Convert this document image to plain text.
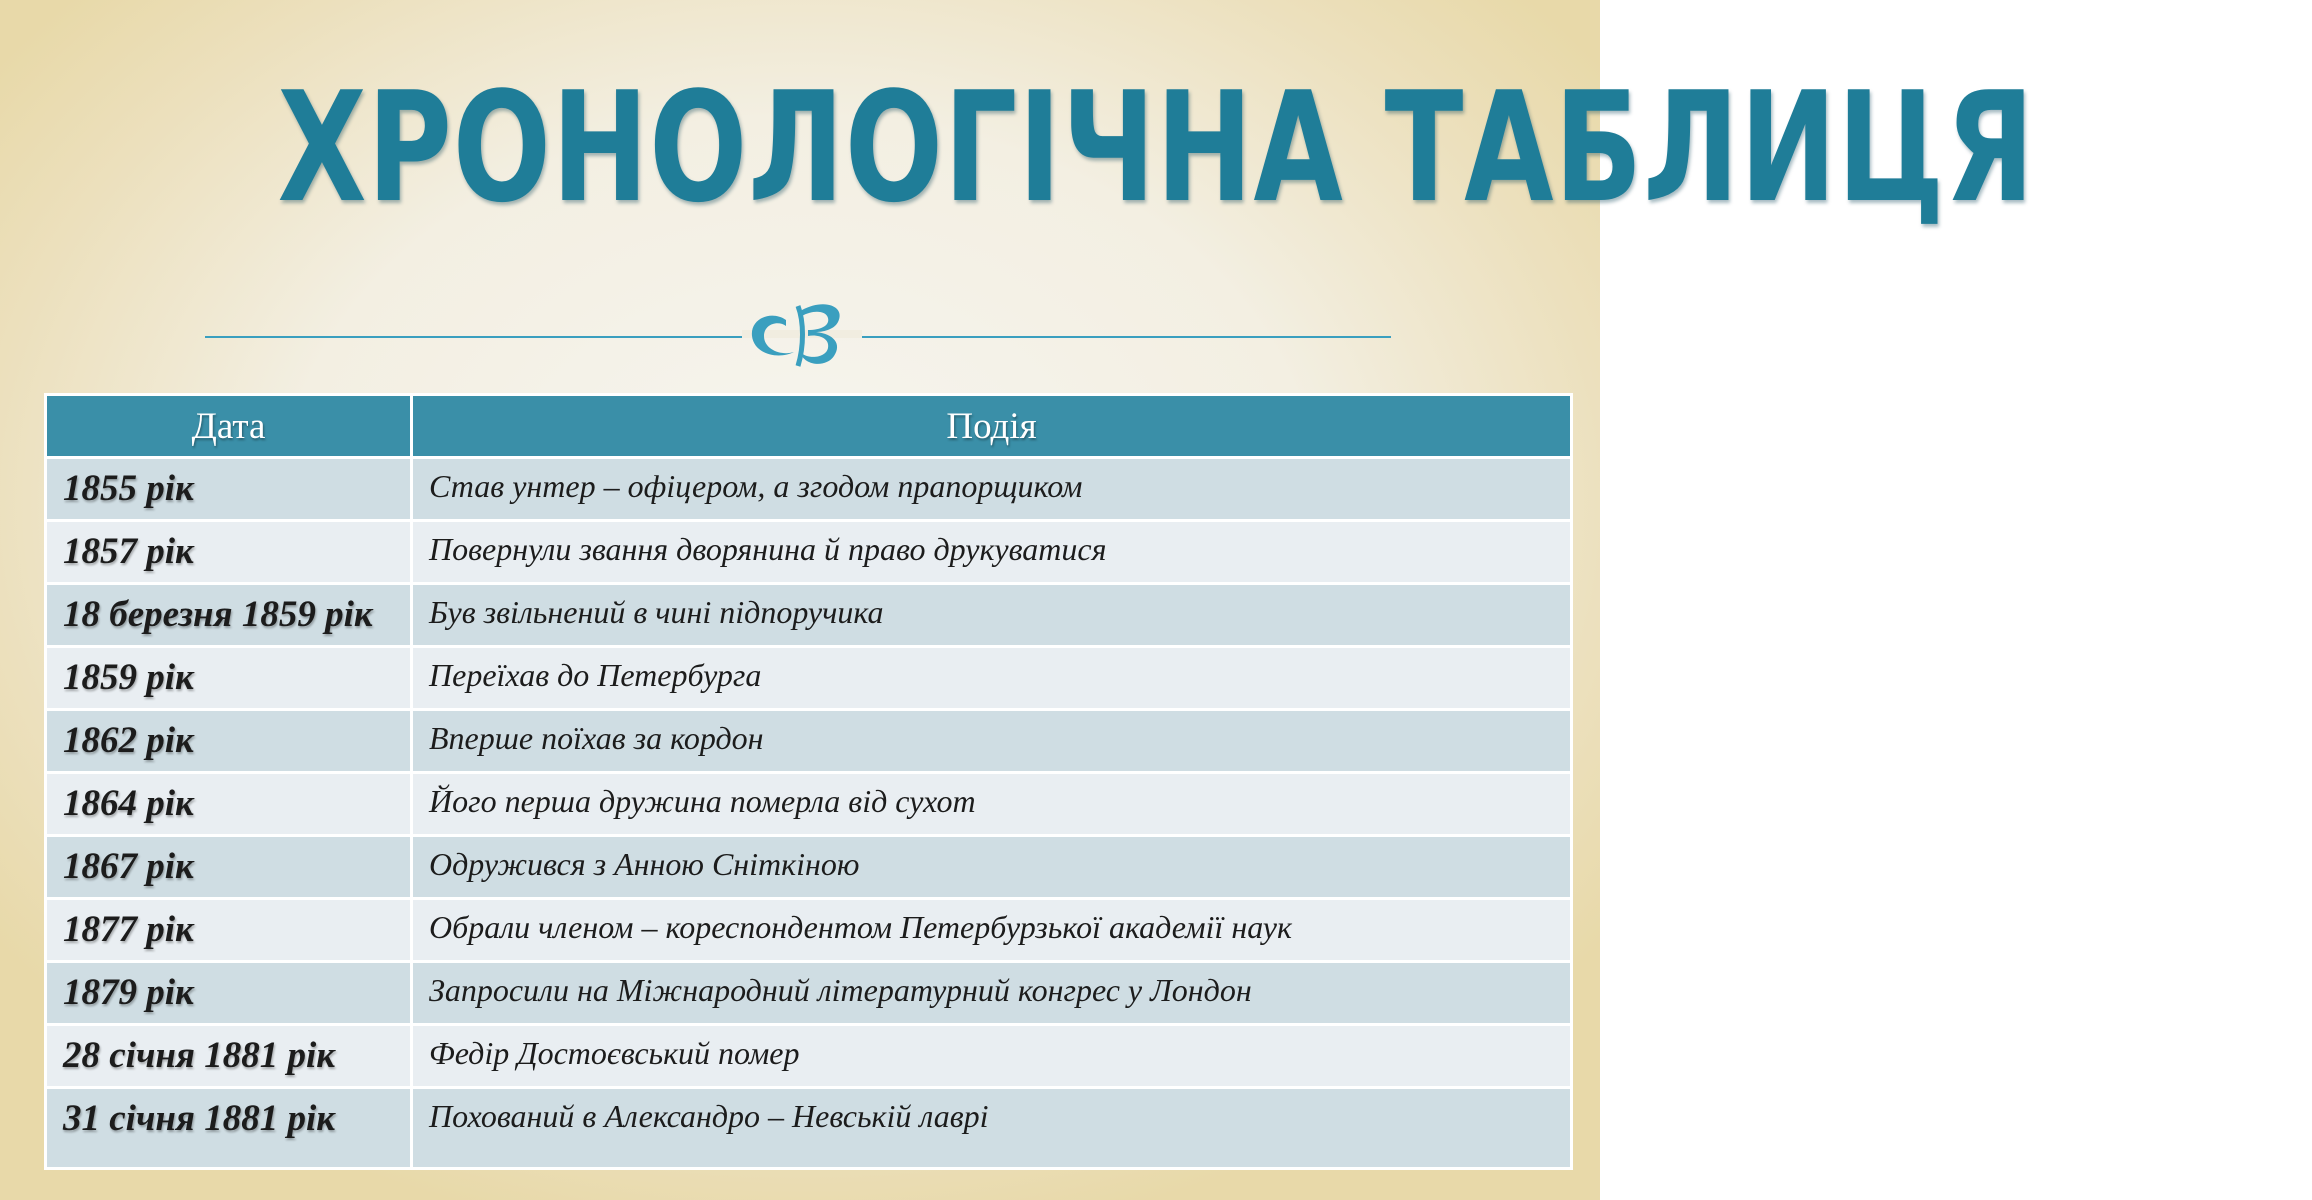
ХРОНОЛОГІЧНА ТАБЛИЦЯ
Дата	Подія
1855 рік	Став унтер – офіцером, а згодом прапорщиком
1857 рік	Повернули звання дворянина й право друкуватися
18 березня 1859 рік	Був звільнений в чині підпоручика
1859 рік	Переїхав до Петербурга
1862 рік	Вперше поїхав за кордон
1864 рік	Його перша дружина померла від сухот
1867 рік	Одружився з Анною Сніткіною
1877 рік	Обрали членом – кореспондентом Петербурзької академії наук
1879 рік	Запросили на Міжнародний літературний конгрес у Лондон
28 січня 1881 рік	Федір Достоєвський помер
31 січня 1881 рік	Похований в Александро – Невській лаврі
